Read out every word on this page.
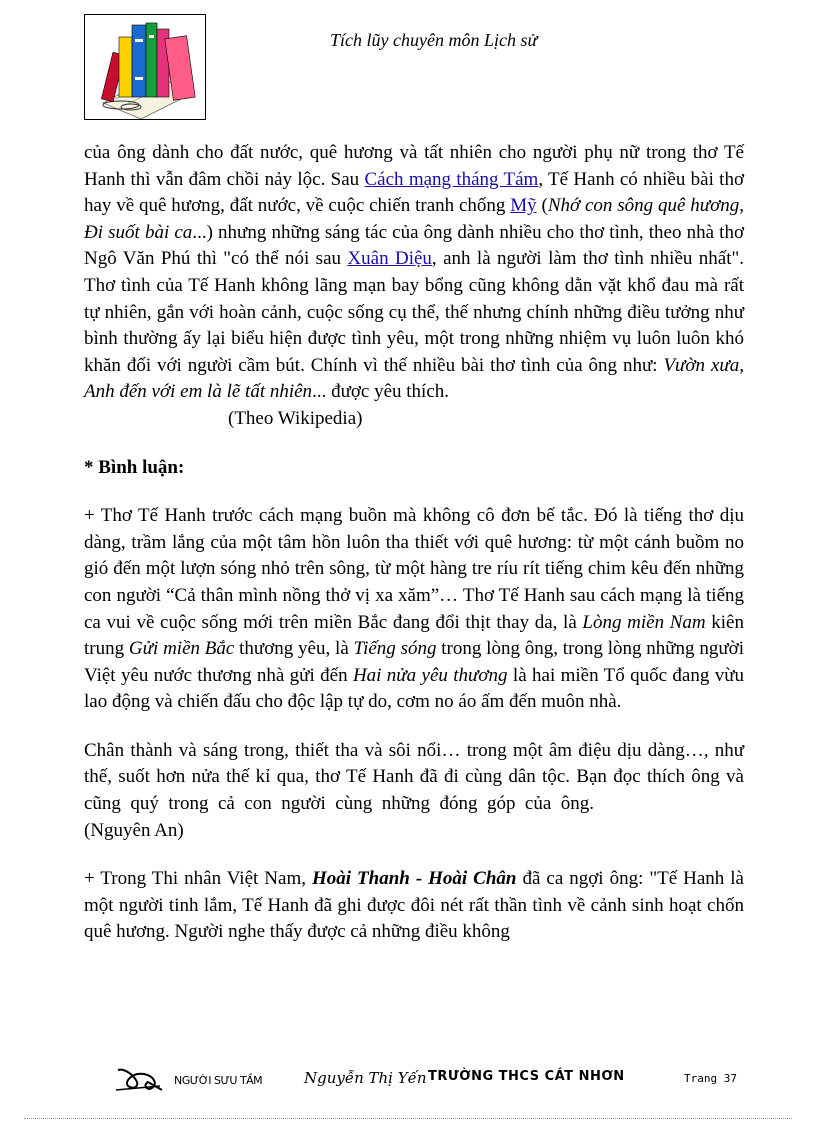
Tích lũy chuyên môn Lịch sử

của ông dành cho đất nước, quê hương và tất nhiên cho người phụ nữ trong thơ Tế Hanh thì vẫn đâm chồi nảy lộc. Sau Cách mạng tháng Tám, Tế Hanh có nhiều bài thơ hay về quê hương, đất nước, về cuộc chiến tranh chống Mỹ (Nhớ con sông quê hương, Đi suốt bài ca...) nhưng những sáng tác của ông dành nhiều cho thơ tình, theo nhà thơ Ngô Văn Phú thì "có thể nói sau Xuân Diệu, anh là người làm thơ tình nhiều nhất". Thơ tình của Tế Hanh không lãng mạn bay bổng cũng không dằn vặt khổ đau mà rất tự nhiên, gắn với hoàn cảnh, cuộc sống cụ thể, thế nhưng chính những điều tưởng như bình thường ấy lại biểu hiện được tình yêu, một trong những nhiệm vụ luôn luôn khó khăn đối với người cầm bút. Chính vì thế nhiều bài thơ tình của ông như: Vườn xưa, Anh đến với em là lẽ tất nhiên... được yêu thích.

(Theo Wikipedia)

* Bình luận:

+ Thơ Tế Hanh trước cách mạng buồn mà không cô đơn bế tắc. Đó là tiếng thơ dịu dàng, trầm lắng của một tâm hồn luôn tha thiết với quê hương: từ một cánh buồm no gió đến một lượn sóng nhỏ trên sông, từ một hàng tre ríu rít tiếng chim kêu đến những con người “Cả thân mình nồng thở vị xa xăm”… Thơ Tế Hanh sau cách mạng là tiếng ca vui về cuộc sống mới trên miền Bắc đang đổi thịt thay da, là Lòng miền Nam kiên trung Gửi miền Bắc thương yêu, là Tiếng sóng trong lòng ông, trong lòng những người Việt yêu nước thương nhà gửi đến Hai nửa yêu thương là hai miền Tổ quốc đang vừu lao động và chiến đấu cho độc lập tự do, cơm no áo ấm đến muôn nhà.

Chân thành và sáng trong, thiết tha và sôi nổi… trong một âm điệu dịu dàng…, như thế, suốt hơn nửa thế kỉ qua, thơ Tế Hanh đã đi cùng dân tộc. Bạn đọc thích ông và cũng quý trong cả con người cùng những đóng góp của ông.(Nguyên An)

+ Trong Thi nhân Việt Nam, Hoài Thanh - Hoài Chân đã ca ngợi ông: "Tế Hanh là một người tinh lắm, Tế Hanh đã ghi được đôi nét rất thần tình về cảnh sinh hoạt chốn quê hương. Người nghe thấy được cả những điều không

NGƯỜI SƯU TẦM	Nguyễn Thị Yến TRƯỜNG THCS CÁT NHƠN	Trang 37
